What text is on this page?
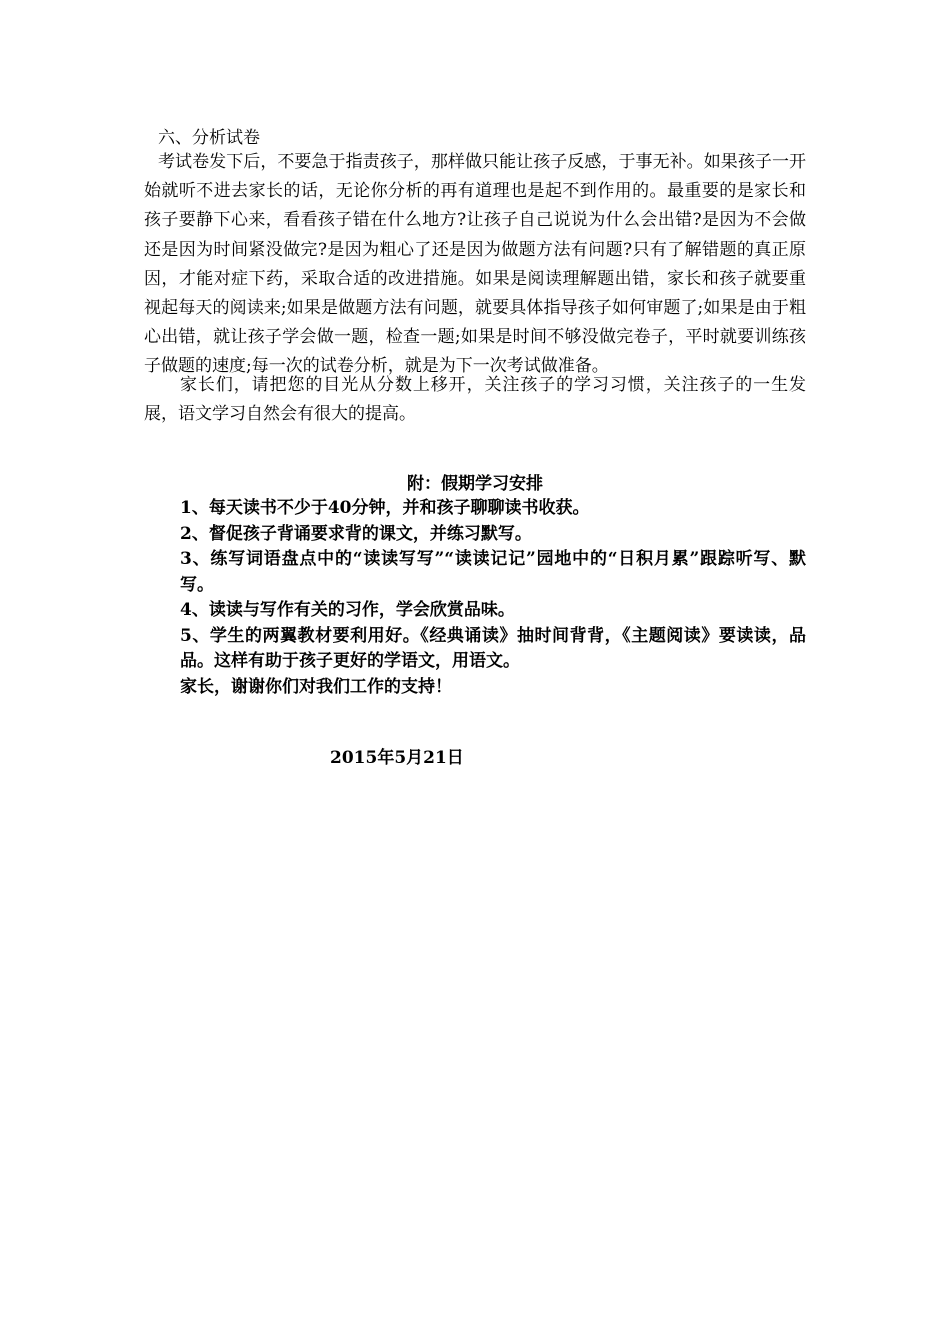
六、分析试卷

考试卷发下后，不要急于指责孩子，那样做只能让孩子反感，于事无补。如果孩子一开始就听不进去家长的话，无论你分析的再有道理也是起不到作用的。最重要的是家长和孩子要静下心来，看看孩子错在什么地方?让孩子自己说说为什么会出错?是因为不会做还是因为时间紧没做完?是因为粗心了还是因为做题方法有问题?只有了解错题的真正原因，才能对症下药，采取合适的改进措施。如果是阅读理解题出错，家长和孩子就要重视起每天的阅读来;如果是做题方法有问题，就要具体指导孩子如何审题了;如果是由于粗心出错，就让孩子学会做一题，检查一题;如果是时间不够没做完卷子，平时就要训练孩子做题的速度;每一次的试卷分析，就是为下一次考试做准备。

家长们，请把您的目光从分数上移开，关注孩子的学习习惯，关注孩子的一生发展，语文学习自然会有很大的提高。

附：假期学习安排
1、每天读书不少于40分钟，并和孩子聊聊读书收获。
2、督促孩子背诵要求背的课文，并练习默写。
3、练写词语盘点中的“读读写写”“读读记记”园地中的“日积月累”跟踪听写、默写。
4、读读与写作有关的习作，学会欣赏品味。
5、学生的两翼教材要利用好。《经典诵读》抽时间背背，《主题阅读》要读读，品品。这样有助于孩子更好的学语文，用语文。

家长，谢谢你们对我们工作的支持！

2015年5月21日
